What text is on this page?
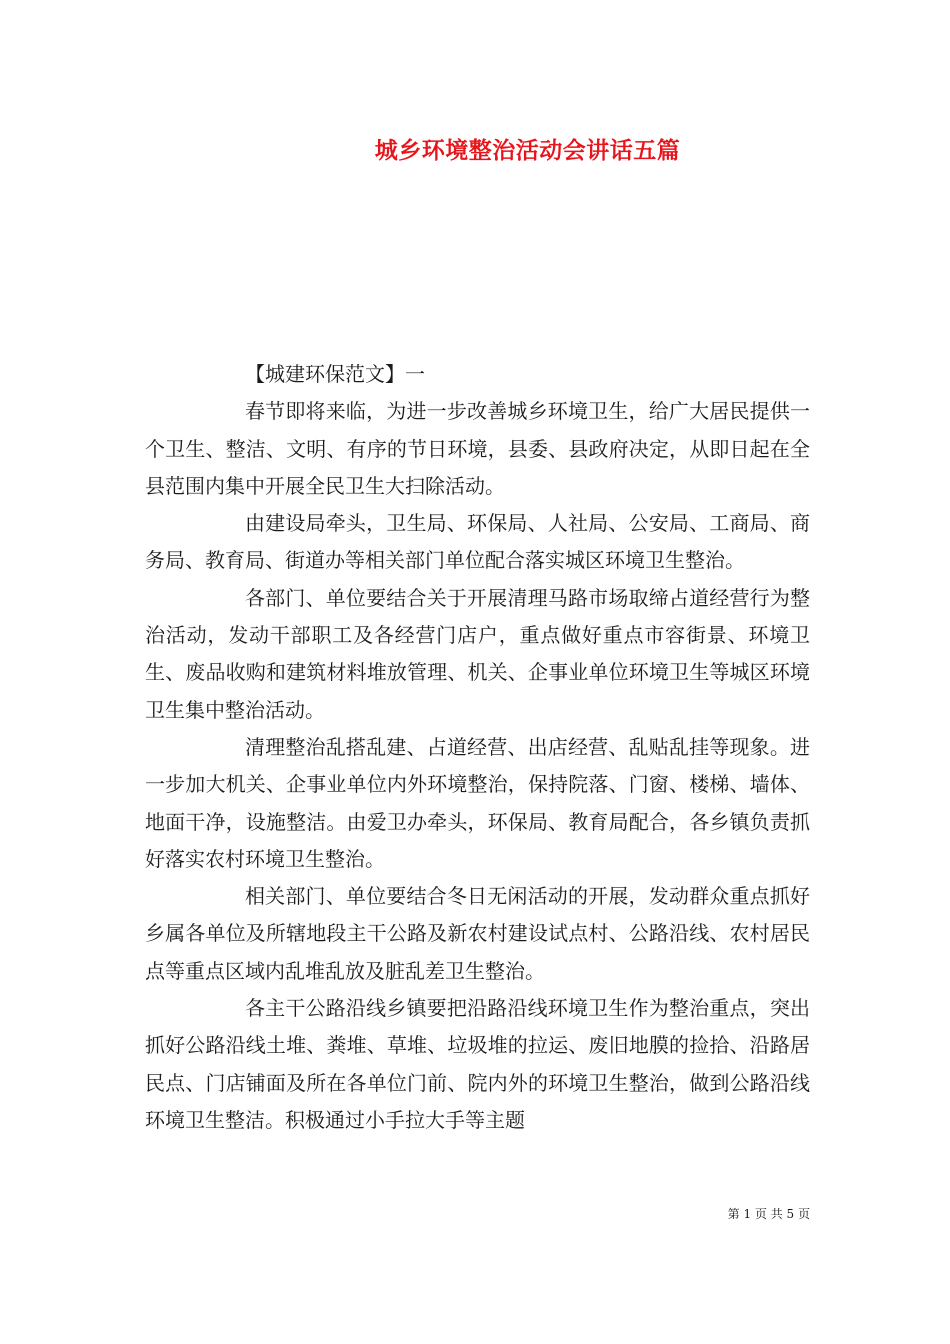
城乡环境整治活动会讲话五篇

【城建环保范文】一

春节即将来临，为进一步改善城乡环境卫生，给广大居民提供一个卫生、整洁、文明、有序的节日环境，县委、县政府决定，从即日起在全县范围内集中开展全民卫生大扫除活动。

由建设局牵头，卫生局、环保局、人社局、公安局、工商局、商务局、教育局、街道办等相关部门单位配合落实城区环境卫生整治。

各部门、单位要结合关于开展清理马路市场取缔占道经营行为整治活动，发动干部职工及各经营门店户，重点做好重点市容街景、环境卫生、废品收购和建筑材料堆放管理、机关、企事业单位环境卫生等城区环境卫生集中整治活动。

清理整治乱搭乱建、占道经营、出店经营、乱贴乱挂等现象。进一步加大机关、企事业单位内外环境整治，保持院落、门窗、楼梯、墙体、地面干净，设施整洁。由爱卫办牵头，环保局、教育局配合，各乡镇负责抓好落实农村环境卫生整治。

相关部门、单位要结合冬日无闲活动的开展，发动群众重点抓好乡属各单位及所辖地段主干公路及新农村建设试点村、公路沿线、农村居民点等重点区域内乱堆乱放及脏乱差卫生整治。

各主干公路沿线乡镇要把沿路沿线环境卫生作为整治重点，突出抓好公路沿线土堆、粪堆、草堆、垃圾堆的拉运、废旧地膜的捡拾、沿路居民点、门店铺面及所在各单位门前、院内外的环境卫生整治，做到公路沿线环境卫生整洁。积极通过小手拉大手等主题

第 1 页 共 5 页
